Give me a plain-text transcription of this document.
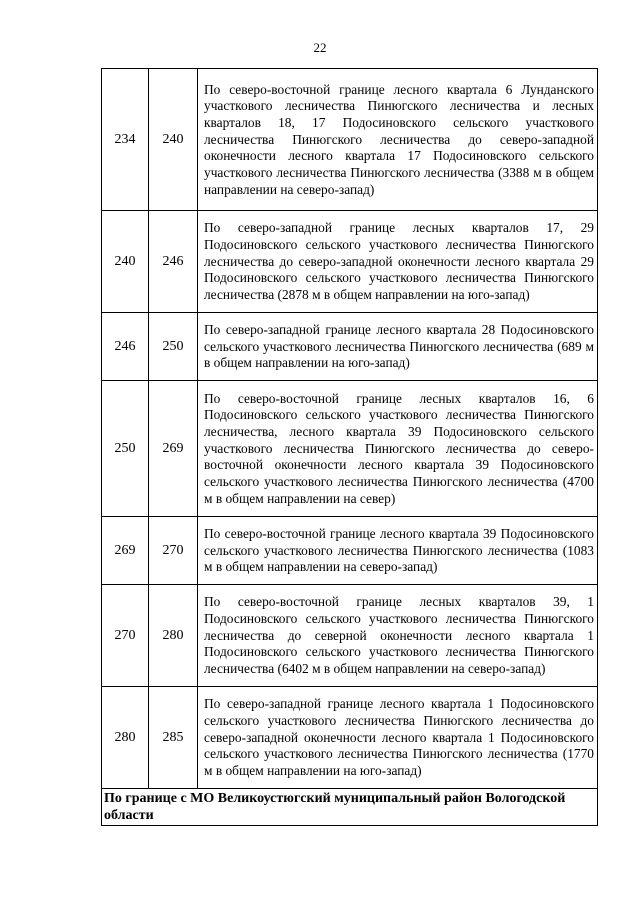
22
234	240	По северо-восточной границе лесного квартала 6 Лунданского участкового лесничества Пинюгского лесничества и лесных кварталов 18, 17 Подосиновского сельского участкового лесничества Пинюгского лесничества до северо-западной оконечности лесного квартала 17 Подосиновского сельского участкового лесничества Пинюгского лесничества (3388 м в общем направлении на северо-запад)

240	246	По северо-западной границе лесных кварталов 17, 29 Подосиновского сельского участкового лесничества Пинюгского лесничества до северо-западной оконечности лесного квартала 29 Подосиновского сельского участкового лесничества Пинюгского лесничества (2878 м в общем направлении на юго-запад)

246	250	По северо-западной границе лесного квартала 28 Подосиновского сельского участкового лесничества Пинюгского лесничества (689 м в общем направлении на юго-запад)

250	269	По северо-восточной границе лесных кварталов 16, 6 Подосиновского сельского участкового лесничества Пинюгского лесничества, лесного квартала 39 Подосиновского сельского участкового лесничества Пинюгского лесничества до северо-восточной оконечности лесного квартала 39 Подосиновского сельского участкового лесничества Пинюгского лесничества (4700 м в общем направлении на север)

269	270	По северо-восточной границе лесного квартала 39 Подосиновского сельского участкового лесничества Пинюгского лесничества (1083 м в общем направлении на северо-запад)

270	280	По северо-восточной границе лесных кварталов 39, 1 Подосиновского сельского участкового лесничества Пинюгского лесничества до северной оконечности лесного квартала 1 Подосиновского сельского участкового лесничества Пинюгского лесничества (6402 м в общем направлении на северо-запад)

280	285	По северо-западной границе лесного квартала 1 Подосиновского сельского участкового лесничества Пинюгского лесничества до северо-западной оконечности лесного квартала 1 Подосиновского сельского участкового лесничества Пинюгского лесничества (1770 м в общем направлении на юго-запад)

По границе с МО Великоустюгский муниципальный район Вологодской области		
